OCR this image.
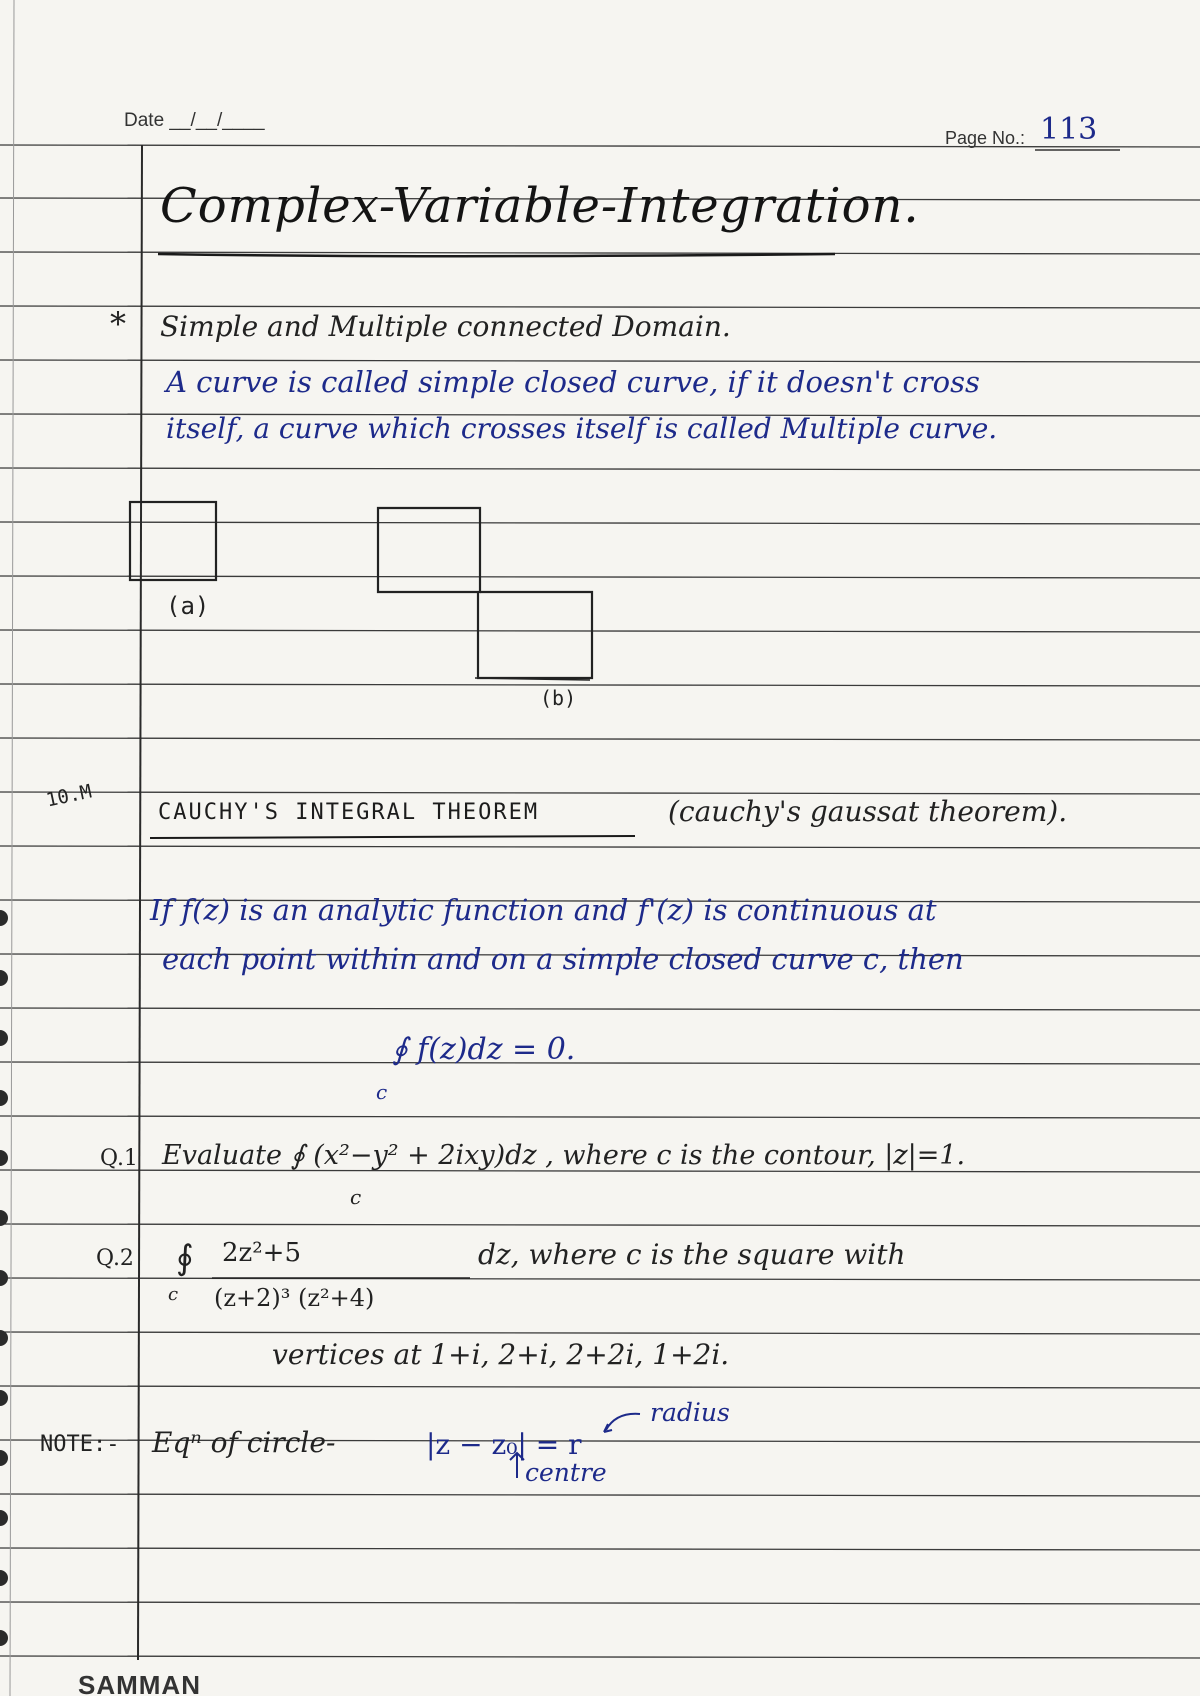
Date __/__/____
Page No.: 113
Complex-Variable-Integration.
* Simple and Multiple connected Domain.
A curve is called simple closed curve, if it doesn't cross
itself, a curve which crosses itself is called Multiple curve.
(a)
(b)
10.M
CAUCHY'S INTEGRAL THEOREM	(cauchy's gaussat theorem).
If f(z) is an analytic function and f'(z) is continuous at
each point within and on a simple closed curve c, then
∮ f(z)dz = 0.
c
Q.1 Evaluate ∮ (x²−y² + 2ixy)dz , where c is the contour, |z|=1.
c
Q.2 ∮ 2z²+5
(z+2)³ (z²+4)
c
dz, where c is the square with
vertices at 1+i, 2+i, 2+2i, 1+2i.
NOTE:- Eqⁿ of circle-	|z − z₀| = r
radius
centre
SAMMAN
